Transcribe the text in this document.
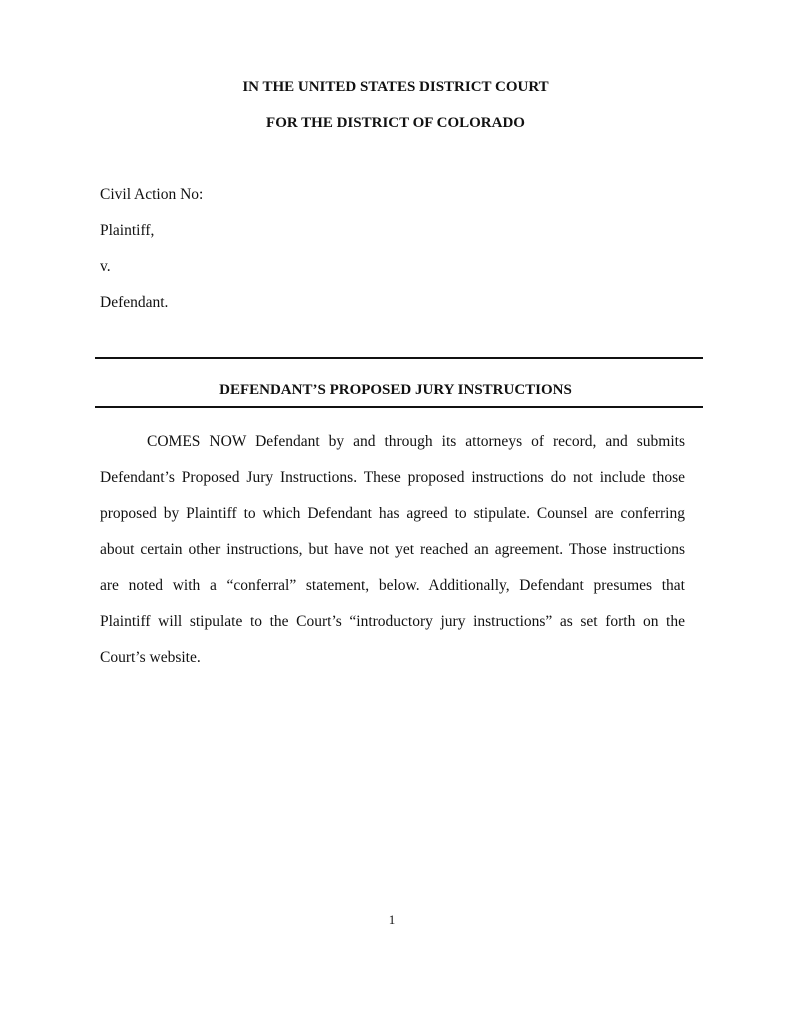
IN THE UNITED STATES DISTRICT COURT
FOR THE DISTRICT OF COLORADO
Civil Action No:
Plaintiff,
v.
Defendant.
DEFENDANT’S PROPOSED JURY INSTRUCTIONS
COMES NOW Defendant by and through its attorneys of record, and submits
Defendant’s Proposed Jury Instructions. These proposed instructions do not include those
proposed by Plaintiff to which Defendant has agreed to stipulate. Counsel are conferring
about certain other instructions, but have not yet reached an agreement. Those instructions
are noted with a “conferral” statement, below. Additionally, Defendant presumes that
Plaintiff will stipulate to the Court’s “introductory jury instructions” as set forth on the
Court’s website.
1
